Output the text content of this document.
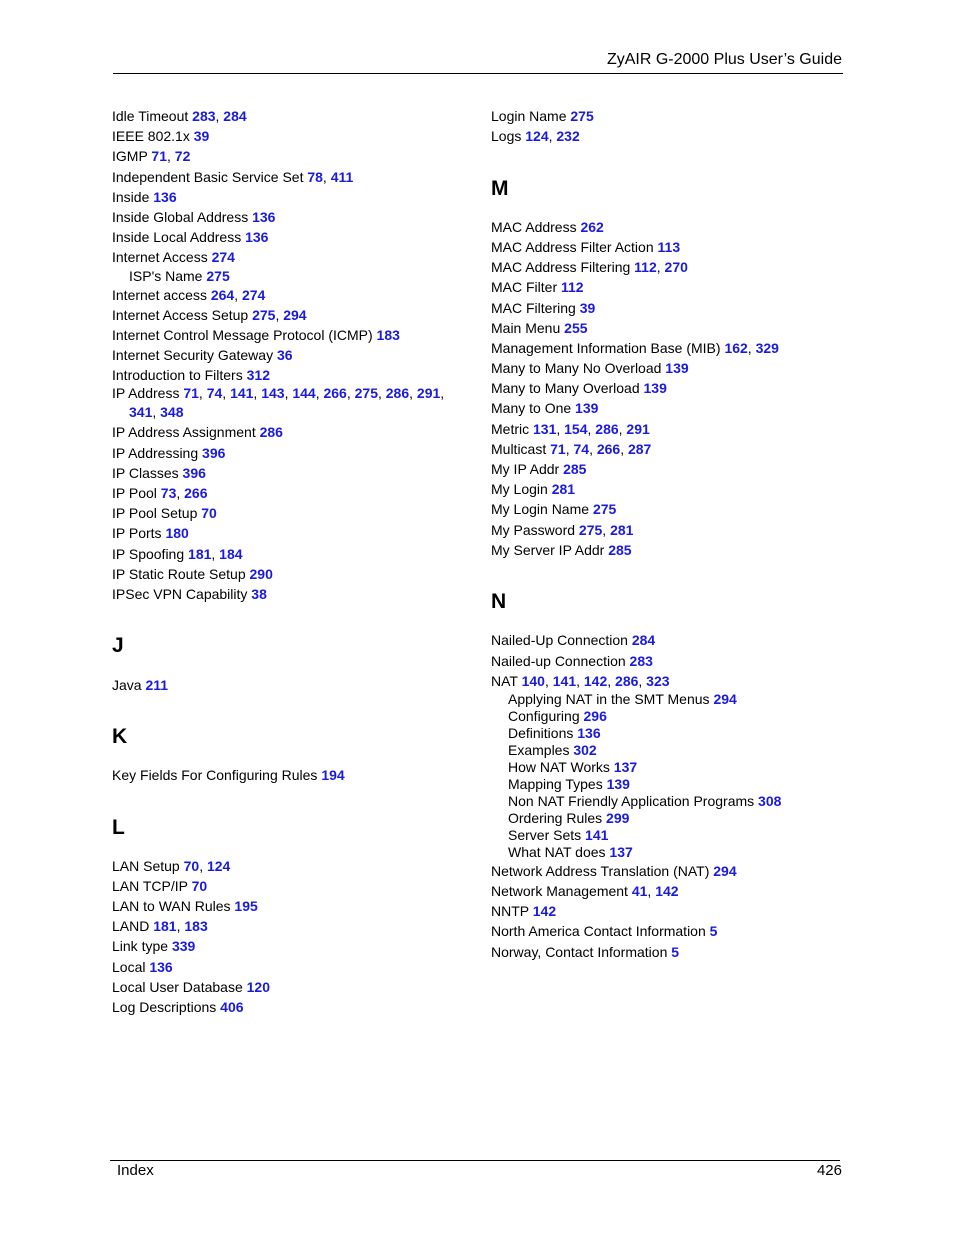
ZyAIR G-2000 Plus User’s Guide
Idle Timeout 283, 284
IEEE 802.1x 39
IGMP 71, 72
Independent Basic Service Set 78, 411
Inside 136
Inside Global Address 136
Inside Local Address 136
Internet Access 274
ISP's Name 275
Internet access 264, 274
Internet Access Setup 275, 294
Internet Control Message Protocol (ICMP) 183
Internet Security Gateway 36
Introduction to Filters 312
IP Address 71, 74, 141, 143, 144, 266, 275, 286, 291,
341, 348
IP Address Assignment 286
IP Addressing 396
IP Classes 396
IP Pool 73, 266
IP Pool Setup 70
IP Ports 180
IP Spoofing 181, 184
IP Static Route Setup 290
IPSec VPN Capability 38
J
Java 211
K
Key Fields For Configuring Rules 194
L
LAN Setup 70, 124
LAN TCP/IP 70
LAN to WAN Rules 195
LAND 181, 183
Link type 339
Local 136
Local User Database 120
Log Descriptions 406
Login Name 275
Logs 124, 232
M
MAC Address 262
MAC Address Filter Action 113
MAC Address Filtering 112, 270
MAC Filter 112
MAC Filtering 39
Main Menu 255
Management Information Base (MIB) 162, 329
Many to Many No Overload 139
Many to Many Overload 139
Many to One 139
Metric 131, 154, 286, 291
Multicast 71, 74, 266, 287
My IP Addr 285
My Login 281
My Login Name 275
My Password 275, 281
My Server IP Addr 285
N
Nailed-Up Connection 284
Nailed-up Connection 283
NAT 140, 141, 142, 286, 323
Applying NAT in the SMT Menus 294
Configuring 296
Definitions 136
Examples 302
How NAT Works 137
Mapping Types 139
Non NAT Friendly Application Programs 308
Ordering Rules 299
Server Sets 141
What NAT does 137
Network Address Translation (NAT) 294
Network Management 41, 142
NNTP 142
North America Contact Information 5
Norway, Contact Information 5
Index	426
